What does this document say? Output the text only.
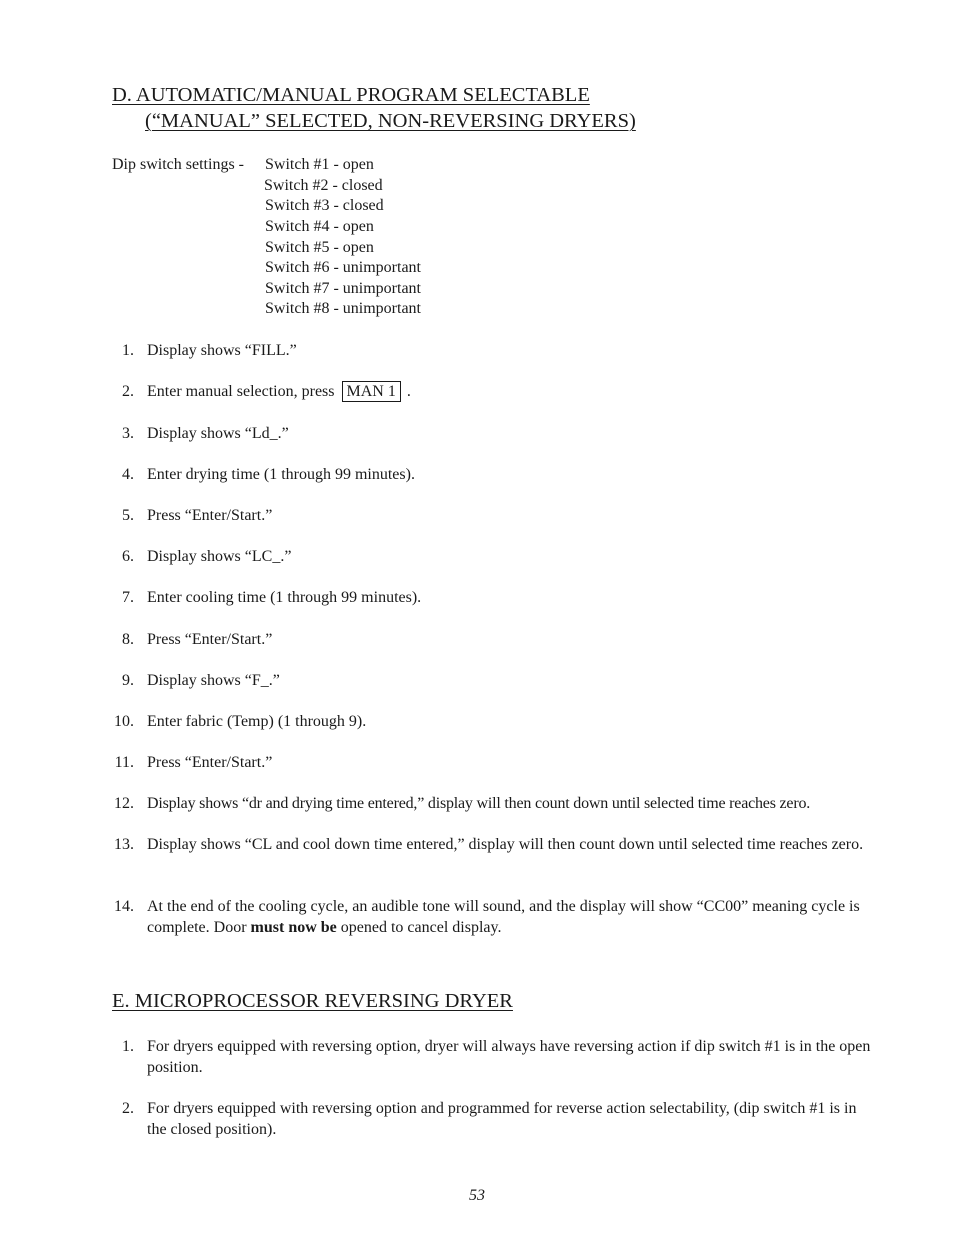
D. AUTOMATIC/MANUAL PROGRAM SELECTABLE
(“MANUAL” SELECTED, NON-REVERSING DRYERS)
Dip switch settings - Switch #1 - open
Switch #2 - closed
Switch #3 - closed
Switch #4 - open
Switch #5 - open
Switch #6 - unimportant
Switch #7 - unimportant
Switch #8 - unimportant
1. Display shows “FILL.”
2. Enter manual selection, press MAN 1 .
3. Display shows “Ld_.”
4. Enter drying time (1 through 99 minutes).
5. Press “Enter/Start.”
6. Display shows “LC_.”
7. Enter cooling time (1 through 99 minutes).
8. Press “Enter/Start.”
9. Display shows “F_.”
10. Enter fabric (Temp) (1 through 9).
11. Press “Enter/Start.”
12. Display shows “dr and drying time entered,” display will then count down until selected time reaches zero.
13. Display shows “CL and cool down time entered,” display will then count down until selected time reaches zero.
14. At the end of the cooling cycle, an audible tone will sound, and the display will show “CC00” meaning cycle is complete. Door must now be opened to cancel display.
E. MICROPROCESSOR REVERSING DRYER
1. For dryers equipped with reversing option, dryer will always have reversing action if dip switch #1 is in the open position.
2. For dryers equipped with reversing option and programmed for reverse action selectability, (dip switch #1 is in the closed position).
53
